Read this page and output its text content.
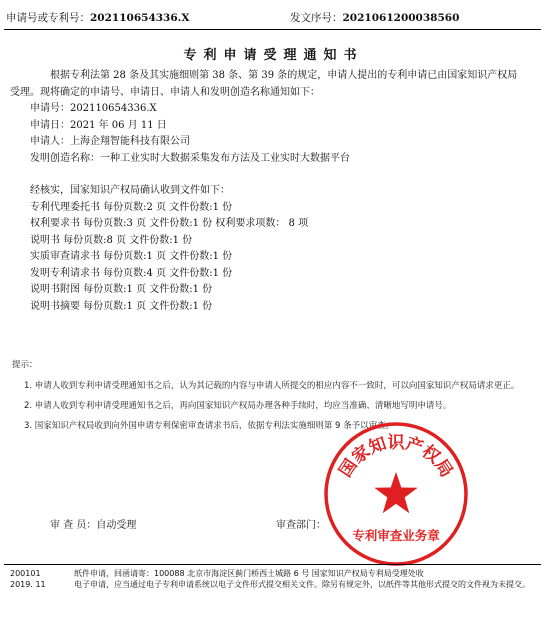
申请号或专利号：202110654336.X	发文序号：2021061200038560
专利申请受理通知书
根据专利法第 28 条及其实施细则第 38 条、第 39 条的规定，申请人提出的专利申请已由国家知识产权局
受理。现将确定的申请号、申请日、申请人和发明创造名称通知如下：
申请号：202110654336.X
申请日：2021 年 06 月 11 日
申请人：上海企翔智能科技有限公司
发明创造名称：一种工业实时大数据采集发布方法及工业实时大数据平台
经核实，国家知识产权局确认收到文件如下：
专利代理委托书 每份页数:2 页 文件份数:1 份
权利要求书 每份页数:3 页 文件份数:1 份 权利要求项数： 8 项
说明书 每份页数:8 页 文件份数:1 份
实质审查请求书 每份页数:1 页 文件份数:1 份
发明专利请求书 每份页数:4 页 文件份数:1 份
说明书附图 每份页数:1 页 文件份数:1 份
说明书摘要 每份页数:1 页 文件份数:1 份
提示：
1. 申请人收到专利申请受理通知书之后，认为其记载的内容与申请人所提交的相应内容不一致时，可以向国家知识产权局请求更正。
2. 申请人收到专利申请受理通知书之后，再向国家知识产权局办理各种手续时，均应当准确、清晰地写明申请号。
3. 国家知识产权局收到向外国申请专利保密审查请求书后，依据专利法实施细则第 9 条予以审查。
审 查 员：自动受理	审查部门：
国家知识产权局
专利审查业务章
200101	纸件申请，回函请寄：100088 北京市海淀区蓟门桥西土城路 6 号 国家知识产权局专利局受理处收
2019. 11	电子申请，应当通过电子专利申请系统以电子文件形式提交相关文件。除另有规定外，以纸件等其他形式提交的文件视为未提交。
